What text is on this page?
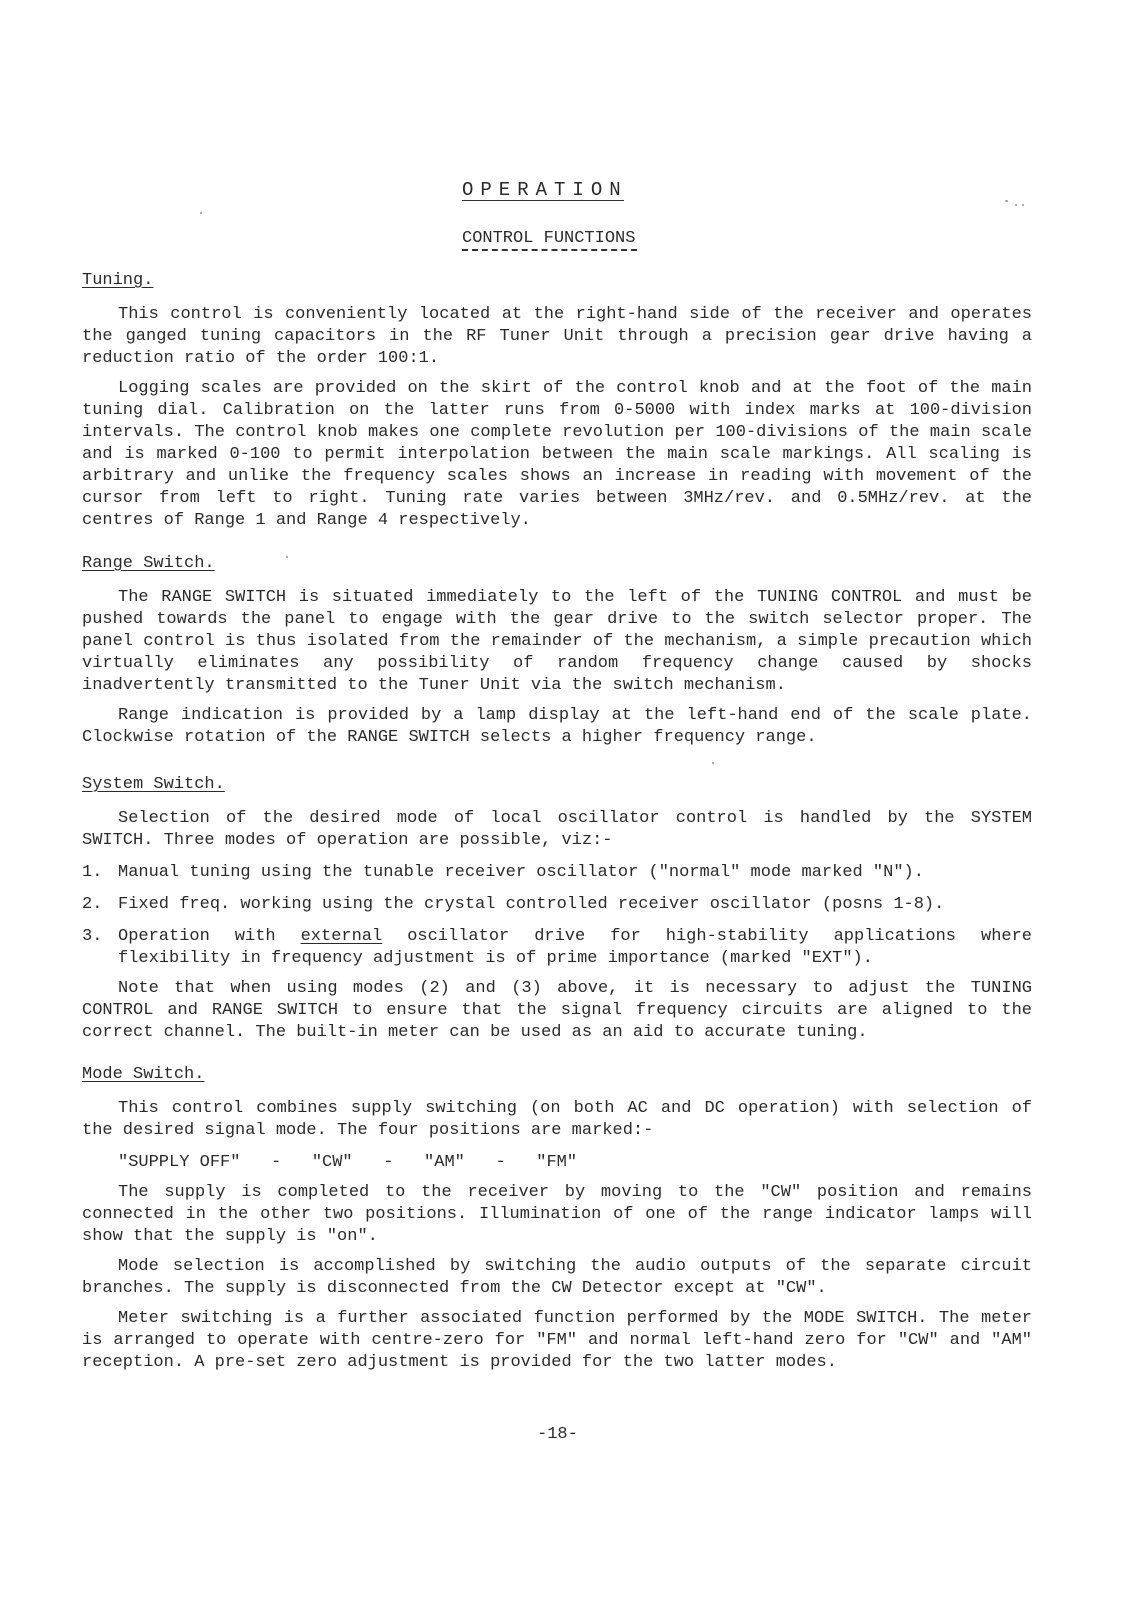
OPERATION
CONTROL FUNCTIONS

Tuning.

This control is conveniently located at the right-hand side of the receiver and operates the ganged tuning capacitors in the RF Tuner Unit through a precision gear drive having a reduction ratio of the order 100:1.

Logging scales are provided on the skirt of the control knob and at the foot of the main tuning dial. Calibration on the latter runs from 0-5000 with index marks at 100-division intervals. The control knob makes one complete revolution per 100-divisions of the main scale and is marked 0-100 to permit interpolation between the main scale markings. All scaling is arbitrary and unlike the frequency scales shows an increase in reading with movement of the cursor from left to right. Tuning rate varies between 3MHz/rev. and 0.5MHz/rev. at the centres of Range 1 and Range 4 respectively.

Range Switch.

The RANGE SWITCH is situated immediately to the left of the TUNING CONTROL and must be pushed towards the panel to engage with the gear drive to the switch selector proper. The panel control is thus isolated from the remainder of the mechanism, a simple precaution which virtually eliminates any possibility of random frequency change caused by shocks inadvertently transmitted to the Tuner Unit via the switch mechanism.

Range indication is provided by a lamp display at the left-hand end of the scale plate. Clockwise rotation of the RANGE SWITCH selects a higher frequency range.

System Switch.

Selection of the desired mode of local oscillator control is handled by the SYSTEM SWITCH. Three modes of operation are possible, viz:-

1. Manual tuning using the tunable receiver oscillator ("normal" mode marked "N").
2. Fixed freq. working using the crystal controlled receiver oscillator (posns 1-8).
3. Operation with external oscillator drive for high-stability applications where flexibility in frequency adjustment is of prime importance (marked "EXT").

Note that when using modes (2) and (3) above, it is necessary to adjust the TUNING CONTROL and RANGE SWITCH to ensure that the signal frequency circuits are aligned to the correct channel. The built-in meter can be used as an aid to accurate tuning.

Mode Switch.

This control combines supply switching (on both AC and DC operation) with selection of the desired signal mode. The four positions are marked:-

"SUPPLY OFF"   -   "CW"   -   "AM"   -   "FM"

The supply is completed to the receiver by moving to the "CW" position and remains connected in the other two positions. Illumination of one of the range indicator lamps will show that the supply is "on".

Mode selection is accomplished by switching the audio outputs of the separate circuit branches. The supply is disconnected from the CW Detector except at "CW".

Meter switching is a further associated function performed by the MODE SWITCH. The meter is arranged to operate with centre-zero for "FM" and normal left-hand zero for "CW" and "AM" reception. A pre-set zero adjustment is provided for the two latter modes.

-18-
